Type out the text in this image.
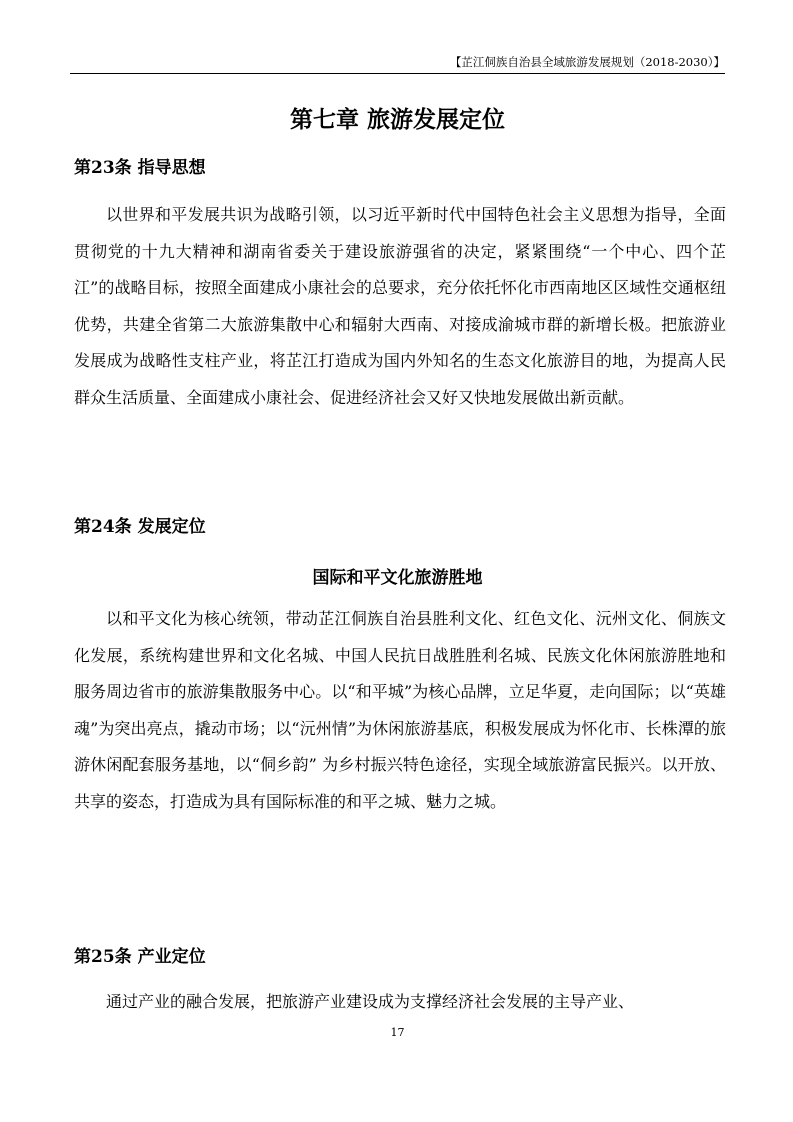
【芷江侗族自治县全域旅游发展规划（2018-2030）】
第七章 旅游发展定位
第23条 指导思想

以世界和平发展共识为战略引领，以习近平新时代中国特色社会主义思想为指导，全面贯彻党的十九大精神和湖南省委关于建设旅游强省的决定，紧紧围绕“一个中心、四个芷江”的战略目标，按照全面建成小康社会的总要求，充分依托怀化市西南地区区域性交通枢纽优势，共建全省第二大旅游集散中心和辐射大西南、对接成渝城市群的新增长极。把旅游业发展成为战略性支柱产业，将芷江打造成为国内外知名的生态文化旅游目的地，为提高人民群众生活质量、全面建成小康社会、促进经济社会又好又快地发展做出新贡献。

第24条 发展定位
国际和平文化旅游胜地

以和平文化为核心统领，带动芷江侗族自治县胜利文化、红色文化、沅州文化、侗族文化发展，系统构建世界和文化名城、中国人民抗日战胜胜利名城、民族文化休闲旅游胜地和服务周边省市的旅游集散服务中心。以“和平城”为核心品牌，立足华夏，走向国际；以“英雄魂”为突出亮点，撬动市场；以“沅州情”为休闲旅游基底，积极发展成为怀化市、长株潭的旅游休闲配套服务基地，以“侗乡韵” 为乡村振兴特色途径，实现全域旅游富民振兴。以开放、共享的姿态，打造成为具有国际标准的和平之城、魅力之城。

第25条 产业定位

通过产业的融合发展，把旅游产业建设成为支撑经济社会发展的主导产业、

17
